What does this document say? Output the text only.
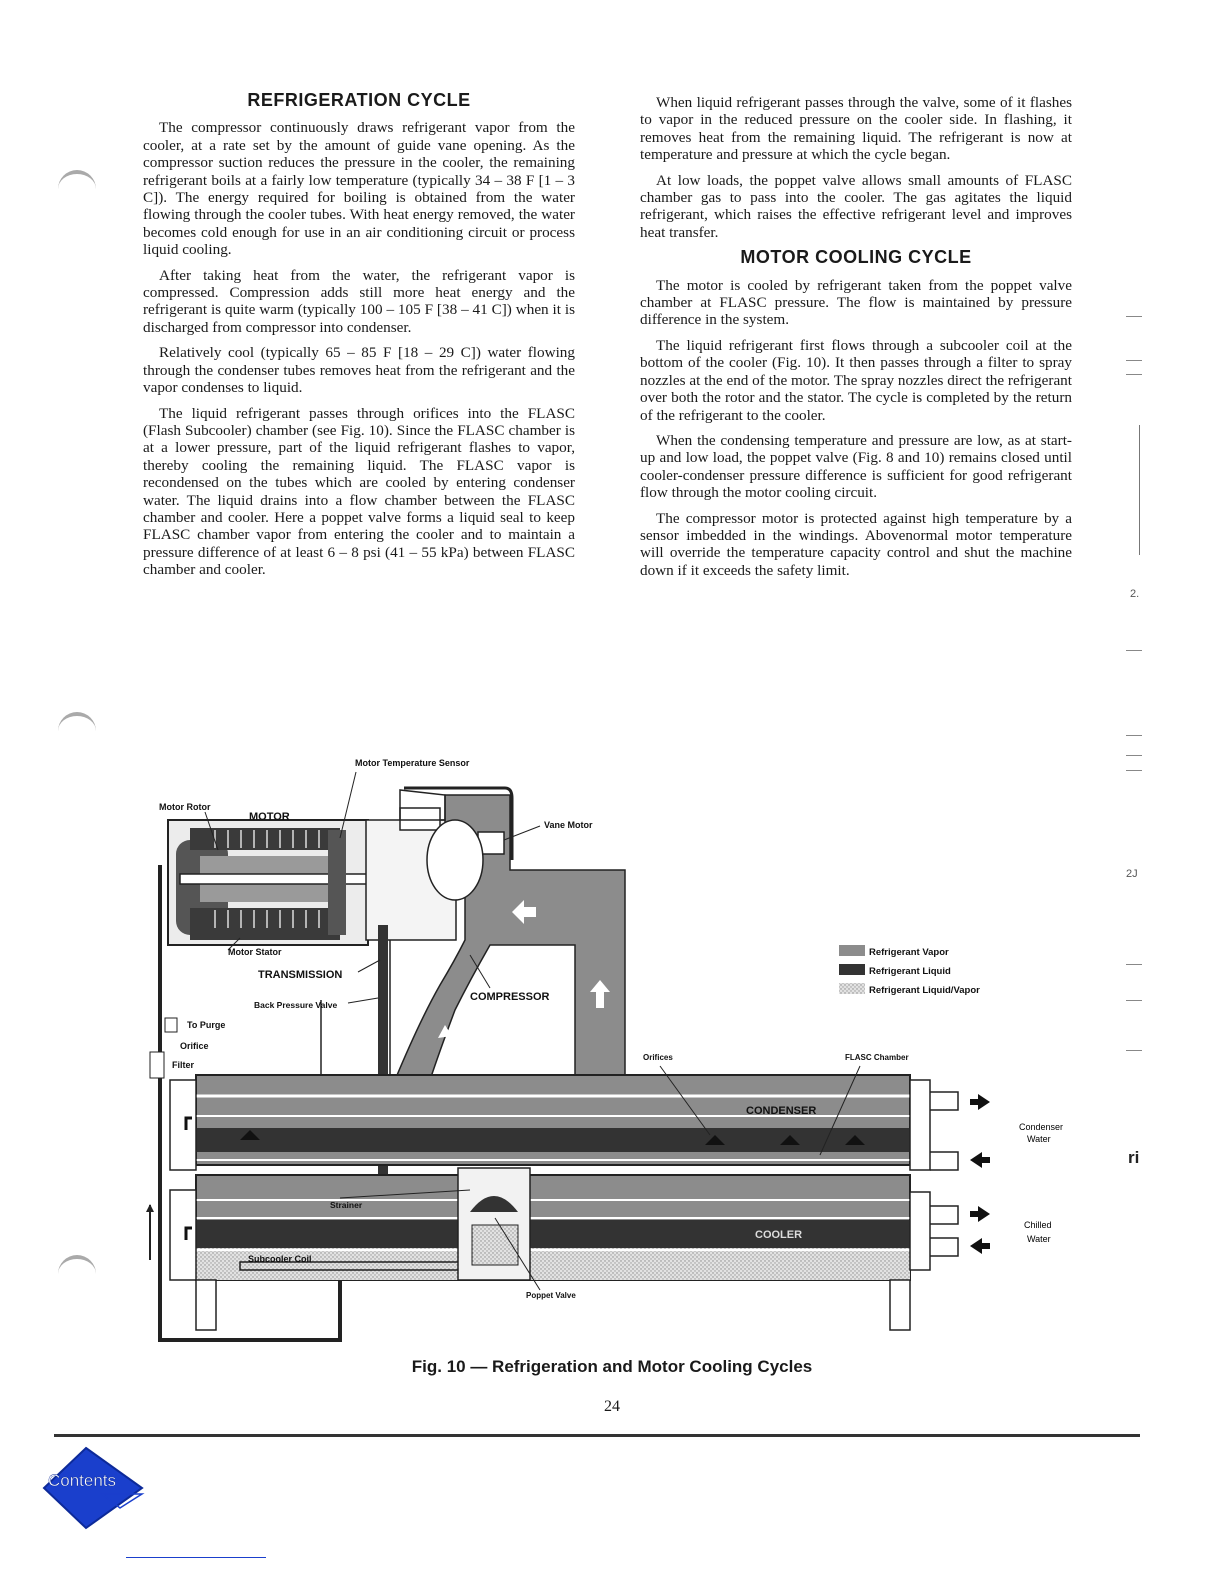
2.
2J
ri
REFRIGERATION CYCLE

The compressor continuously draws refrigerant vapor from the cooler, at a rate set by the amount of guide vane opening. As the compressor suction reduces the pressure in the cooler, the remaining refrigerant boils at a fairly low temperature (typically 34 – 38 F [1 – 3 C]). The energy required for boiling is obtained from the water flowing through the cooler tubes. With heat energy removed, the water becomes cold enough for use in an air conditioning circuit or process liquid cooling.

After taking heat from the water, the refrigerant vapor is compressed. Compression adds still more heat energy and the refrigerant is quite warm (typically 100 – 105 F [38 – 41 C]) when it is discharged from compressor into condenser.

Relatively cool (typically 65 – 85 F [18 – 29 C]) water flowing through the condenser tubes removes heat from the refrigerant and the vapor condenses to liquid.

The liquid refrigerant passes through orifices into the FLASC (Flash Subcooler) chamber (see Fig. 10). Since the FLASC chamber is at a lower pressure, part of the liquid refrigerant flashes to vapor, thereby cooling the remaining liquid. The FLASC vapor is recondensed on the tubes which are cooled by entering condenser water. The liquid drains into a flow chamber between the FLASC chamber and cooler. Here a poppet valve forms a liquid seal to keep FLASC chamber vapor from entering the cooler and to maintain a pressure difference of at least 6 – 8 psi (41 – 55 kPa) between FLASC chamber and cooler.

When liquid refrigerant passes through the valve, some of it flashes to vapor in the reduced pressure on the cooler side. In flashing, it removes heat from the remaining liquid. The refrigerant is now at temperature and pressure at which the cycle began.

At low loads, the poppet valve allows small amounts of FLASC chamber gas to pass into the cooler. The gas agitates the liquid refrigerant, which raises the effective refrigerant level and improves heat transfer.

MOTOR COOLING CYCLE

The motor is cooled by refrigerant taken from the poppet valve chamber at FLASC pressure. The flow is maintained by pressure difference in the system.

The liquid refrigerant first flows through a subcooler coil at the bottom of the cooler (Fig. 10). It then passes through a filter to spray nozzles at the end of the motor. The spray nozzles direct the refrigerant over both the rotor and the stator. The cycle is completed by the return of the refrigerant to the cooler.

When the condensing temperature and pressure are low, as at start-up and low load, the poppet valve (Fig. 8 and 10) remains closed until cooler-condenser pressure difference is sufficient for good refrigerant flow through the motor cooling circuit.

The compressor motor is protected against high temperature by a sensor imbedded in the windings. Abovenormal motor temperature will override the temperature capacity control and shut the machine down if it exceeds the safety limit.

Motor Temperature Sensor
Motor Rotor
MOTOR
Vane Motor
Motor Stator
TRANSMISSION
Back Pressure Valve
COMPRESSOR
To Purge
Orifice
Filter
Orifices	FLASC Chamber
CONDENSER
Strainer
COOLER
Subcooler Coil
Poppet Valve
Condenser
Water
Chilled
Water
Refrigerant Vapor
Refrigerant Liquid
Refrigerant Liquid/Vapor
Fig. 10 — Refrigeration and Motor Cooling Cycles
24
Contents
